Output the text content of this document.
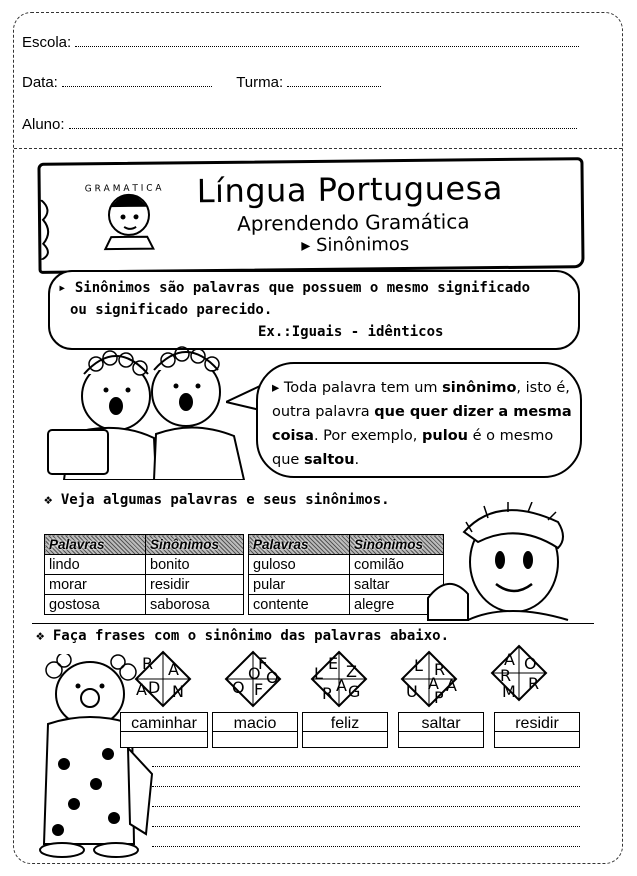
Escola:
Data:	Turma:
Aluno:
G R A M A T I C A Língua Portuguesa
Aprendendo Gramática
▸ Sinônimos

▸ Sinônimos são palavras que possuem o mesmo significado

ou significado parecido.

Ex.:Iguais - idênticos

▸ Toda palavra tem um sinônimo, isto é, outra palavra que quer dizer a mesma coisa. Por exemplo, pulou é o mesmo que saltou.
❖ Veja algumas palavras e seus sinônimos.
Palavras	Sinônimos
lindo	bonito
morar	residir
gostosa	saborosa
Palavras	Sinônimos
guloso	comilão
pular	saltar
contente	alegre
❖ Faça frases com o sinônimo das palavras abaixo.
R A
D N
A
F
O
O F
O
E
L Z
R G
A
L R
U A
P
A
A O
R
M R
caminhar	macio	feliz	saltar	residir
